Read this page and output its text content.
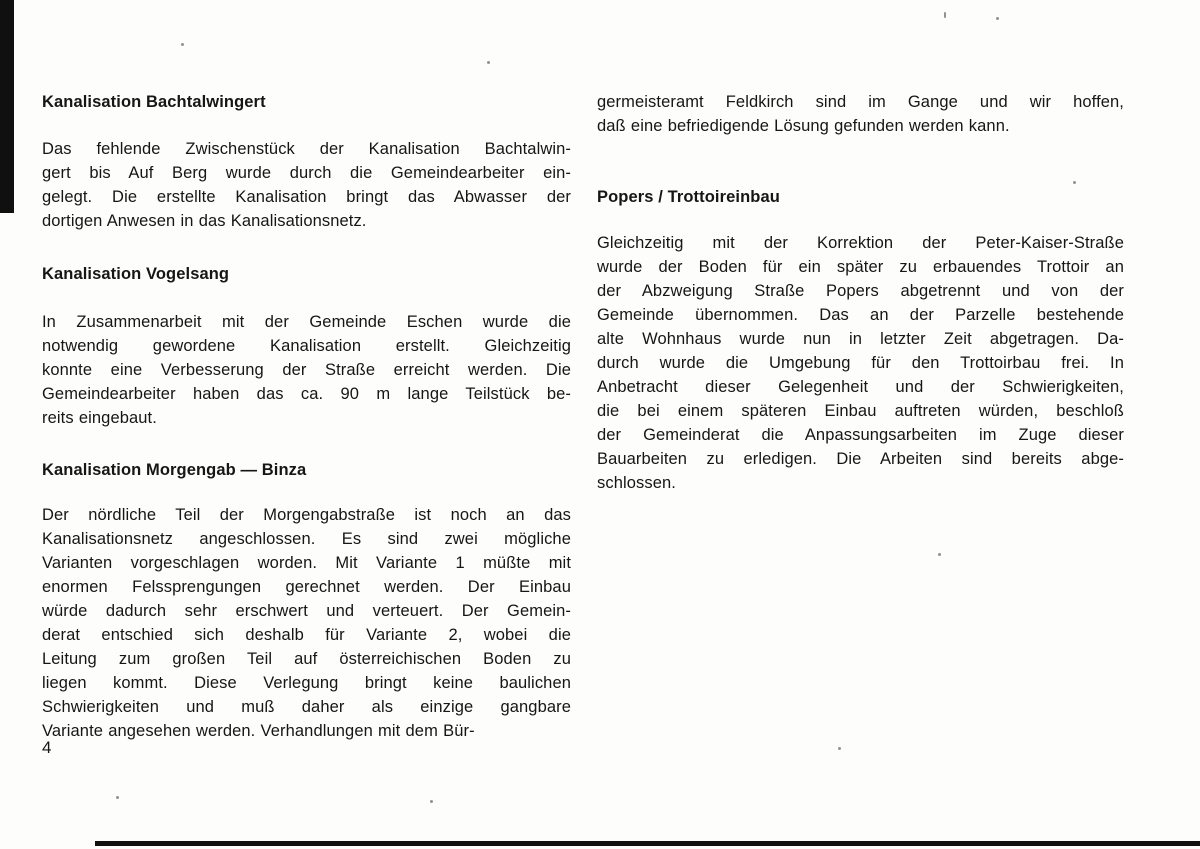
Kanalisation Bachtalwingert
Das fehlende Zwischenstück der Kanalisation Bachtalwin-
gert bis Auf Berg wurde durch die Gemeindearbeiter ein-
gelegt. Die erstellte Kanalisation bringt das Abwasser der
dortigen Anwesen in das Kanalisationsnetz.
Kanalisation Vogelsang
In Zusammenarbeit mit der Gemeinde Eschen wurde die
notwendig gewordene Kanalisation erstellt. Gleichzeitig
konnte eine Verbesserung der Straße erreicht werden. Die
Gemeindearbeiter haben das ca. 90 m lange Teilstück be-
reits eingebaut.
Kanalisation Morgengab — Binza
Der nördliche Teil der Morgengabstraße ist noch an das
Kanalisationsnetz angeschlossen. Es sind zwei mögliche
Varianten vorgeschlagen worden. Mit Variante 1 müßte mit
enormen Felssprengungen gerechnet werden. Der Einbau
würde dadurch sehr erschwert und verteuert. Der Gemein-
derat entschied sich deshalb für Variante 2, wobei die
Leitung zum großen Teil auf österreichischen Boden zu
liegen kommt. Diese Verlegung bringt keine baulichen
Schwierigkeiten und muß daher als einzige gangbare
Variante angesehen werden. Verhandlungen mit dem Bür-
germeisteramt Feldkirch sind im Gange und wir hoffen,
daß eine befriedigende Lösung gefunden werden kann.
Popers / Trottoireinbau
Gleichzeitig mit der Korrektion der Peter-Kaiser-Straße
wurde der Boden für ein später zu erbauendes Trottoir an
der Abzweigung Straße Popers abgetrennt und von der
Gemeinde übernommen. Das an der Parzelle bestehende
alte Wohnhaus wurde nun in letzter Zeit abgetragen. Da-
durch wurde die Umgebung für den Trottoirbau frei. In
Anbetracht dieser Gelegenheit und der Schwierigkeiten,
die bei einem späteren Einbau auftreten würden, beschloß
der Gemeinderat die Anpassungsarbeiten im Zuge dieser
Bauarbeiten zu erledigen. Die Arbeiten sind bereits abge-
schlossen.
4
